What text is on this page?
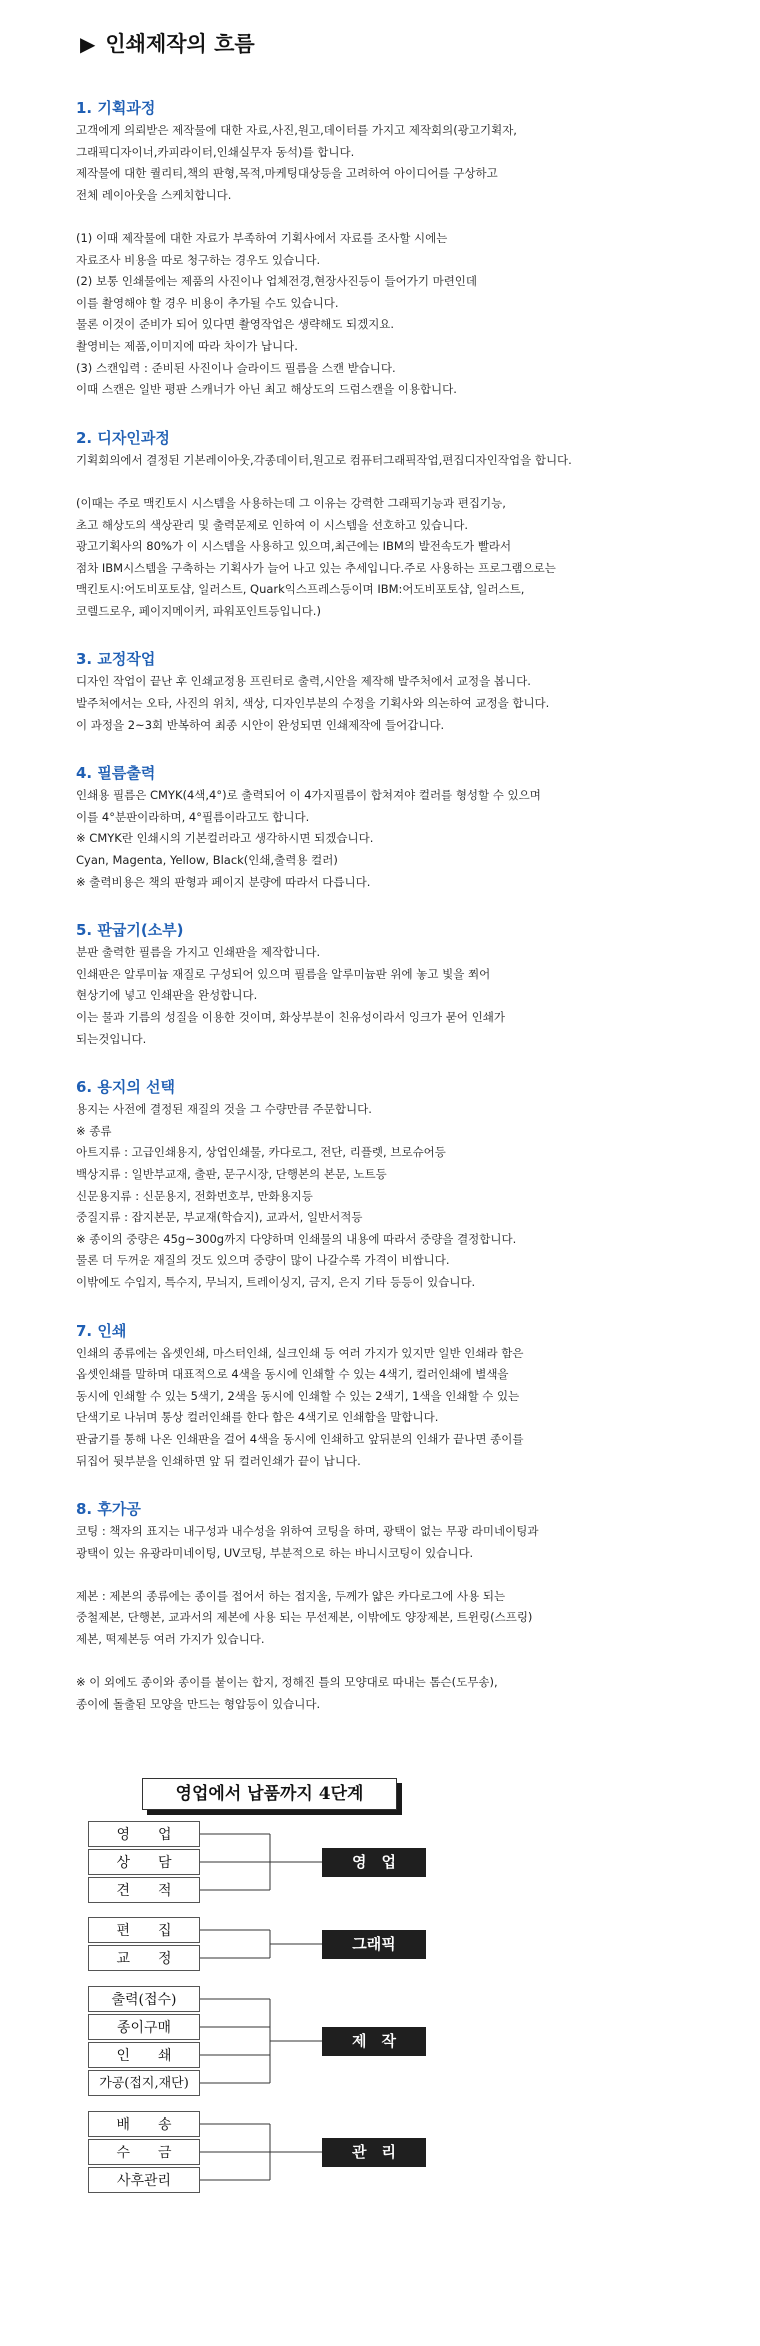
▶ 인쇄제작의 흐름
1. 기획과정
고객에게 의뢰받은 제작물에 대한 자료,사진,원고,데이터를 가지고 제작회의(광고기획자,
그래픽디자이너,카피라이터,인쇄실무자 동석)를 합니다.
제작물에 대한 퀄리티,책의 판형,목적,마케팅대상등을 고려하여 아이디어를 구상하고
전체 레이아웃을 스케치합니다.
(1) 이때 제작물에 대한 자료가 부족하여 기획사에서 자료를 조사할 시에는
자료조사 비용을 따로 청구하는 경우도 있습니다.
(2) 보통 인쇄물에는 제품의 사진이나 업체전경,현장사진등이 들어가기 마련인데
이를 촬영해야 할 경우 비용이 추가될 수도 있습니다.
물론 이것이 준비가 되어 있다면 촬영작업은 생략해도 되겠지요.
촬영비는 제품,이미지에 따라 차이가 납니다.
(3) 스캔입력 : 준비된 사진이나 슬라이드 필름을 스캔 받습니다.
이때 스캔은 일반 평판 스캐너가 아닌 최고 해상도의 드럼스캔을 이용합니다.
2. 디자인과정
기획회의에서 결정된 기본레이아웃,각종데이터,원고로 컴퓨터그래픽작업,편집디자인작업을 합니다.
(이때는 주로 맥킨토시 시스템을 사용하는데 그 이유는 강력한 그래픽기능과 편집기능,
초고 해상도의 색상관리 및 출력문제로 인하여 이 시스템을 선호하고 있습니다.
광고기획사의 80%가 이 시스템을 사용하고 있으며,최근에는 IBM의 발전속도가 빨라서
점차 IBM시스템을 구축하는 기획사가 늘어 나고 있는 추세입니다.주로 사용하는 프로그램으로는
맥킨토시:어도비포토샵, 일러스트, Quark익스프레스등이며 IBM:어도비포토샵, 일러스트,
코렐드로우, 페이지메이커, 파워포인트등입니다.)
3. 교정작업
디자인 작업이 끝난 후 인쇄교정용 프린터로 출력,시안을 제작해 발주처에서 교정을 봅니다.
발주처에서는 오타, 사진의 위치, 색상, 디자인부분의 수정을 기획사와 의논하여 교정을 합니다.
이 과정을 2~3회 반복하여 최종 시안이 완성되면 인쇄제작에 들어갑니다.
4. 필름출력
인쇄용 필름은 CMYK(4색,4°)로 출력되어 이 4가지필름이 합쳐져야 컬러를 형성할 수 있으며
이를 4°분판이라하며, 4°필름이라고도 합니다.
※ CMYK란 인쇄시의 기본컬러라고 생각하시면 되겠습니다.
Cyan, Magenta, Yellow, Black(인쇄,출력용 컬러)
※ 출력비용은 책의 판형과 페이지 분량에 따라서 다릅니다.
5. 판굽기(소부)
분판 출력한 필름을 가지고 인쇄판을 제작합니다.
인쇄판은 알루미늄 재질로 구성되어 있으며 필름을 알루미늄판 위에 놓고 빛을 쬐어
현상기에 넣고 인쇄판을 완성합니다.
이는 물과 기름의 성질을 이용한 것이며, 화상부분이 친유성이라서 잉크가 묻어 인쇄가
되는것입니다.
6. 용지의 선택
용지는 사전에 결정된 재질의 것을 그 수량만큼 주문합니다.
※ 종류
아트지류 : 고급인쇄용지, 상업인쇄물, 카다로그, 전단, 리플렛, 브로슈어등
백상지류 : 일반부교재, 출판, 문구시장, 단행본의 본문, 노트등
신문용지류 : 신문용지, 전화번호부, 만화용지등
중질지류 : 잡지본문, 부교재(학습지), 교과서, 일반서적등
※ 종이의 중량은 45g~300g까지 다양하며 인쇄물의 내용에 따라서 중량을 결정합니다.
물론 더 두꺼운 재질의 것도 있으며 중량이 많이 나갈수록 가격이 비쌉니다.
이밖에도 수입지, 특수지, 무늬지, 트레이싱지, 금지, 은지 기타 등등이 있습니다.
7. 인쇄
인쇄의 종류에는 옵셋인쇄, 마스터인쇄, 실크인쇄 등 여러 가지가 있지만 일반 인쇄라 함은
옵셋인쇄를 말하며 대표적으로 4색을 동시에 인쇄할 수 있는 4색기, 컬러인쇄에 별색을
동시에 인쇄할 수 있는 5색기, 2색을 동시에 인쇄할 수 있는 2색기, 1색을 인쇄할 수 있는
단색기로 나뉘며 통상 컬러인쇄를 한다 함은 4색기로 인쇄함을 말합니다.
판굽기를 통해 나온 인쇄판을 걸어 4색을 동시에 인쇄하고 앞뒤분의 인쇄가 끝나면 종이를
뒤집어 뒷부분을 인쇄하면 앞 뒤 컬러인쇄가 끝이 납니다.
8. 후가공
코팅 : 책자의 표지는 내구성과 내수성을 위하여 코팅을 하며, 광택이 없는 무광 라미네이팅과
광택이 있는 유광라미네이팅, UV코팅, 부분적으로 하는 바니시코팅이 있습니다.
제본 : 제본의 종류에는 종이를 접어서 하는 접지울, 두께가 얇은 카다로그에 사용 되는
중철제본, 단행본, 교과서의 제본에 사용 되는 무선제본, 이밖에도 양장제본, 트윈링(스프링)
제본, 떡제본등 여러 가지가 있습니다.
※ 이 외에도 종이와 종이를 붙이는 합지, 정해진 틀의 모양대로 따내는 톰슨(도무송),
종이에 돌출된 모양을 만드는 형압등이 있습니다.
영업에서 납품까지 4단계
영　　업
상　　담
견　　적
영　업
편　　집
교　　정
그래픽
출력(접수)
종이구매
인　　쇄
가공(접지,재단)
제　작
배　　송
수　　금
사후관리
관　리
